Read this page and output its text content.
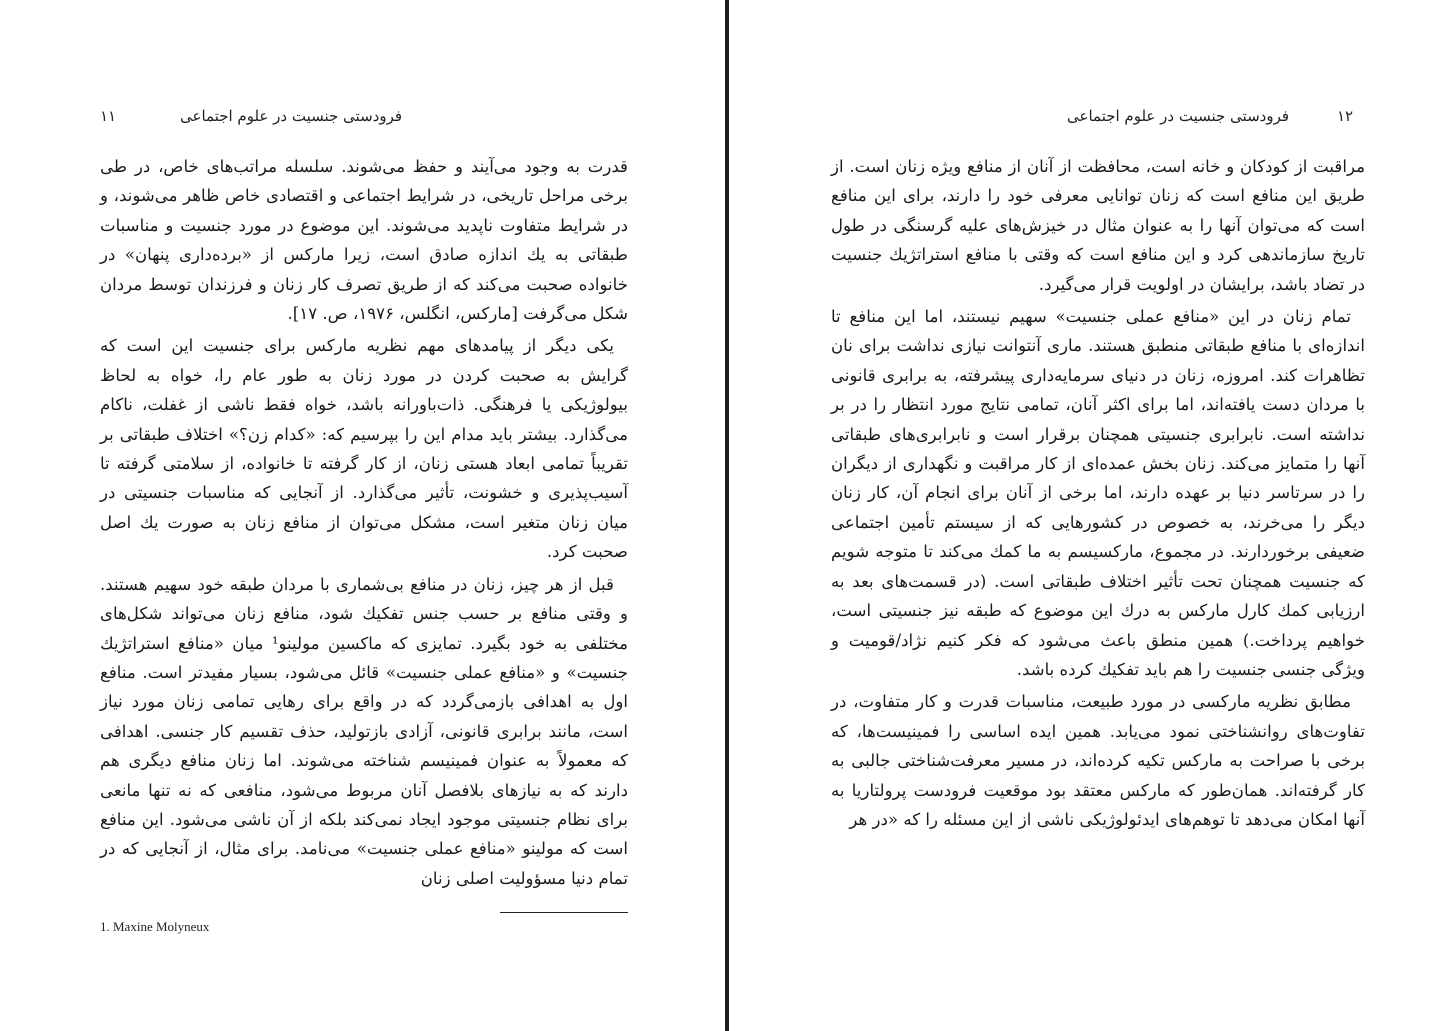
۱۱	فرودستی جنسیت در علوم اجتماعی

قدرت به وجود می‌آیند و حفظ می‌شوند. سلسله مراتب‌های خاص، در طی برخی مراحل تاریخی، در شرایط اجتماعی و اقتصادی خاص ظاهر می‌شوند، و در شرایط متفاوت ناپدید می‌شوند. این موضوع در مورد جنسیت و مناسبات طبقاتی به یك اندازه صادق است، زیرا مارکس از «برده‌داری پنهان» در خانواده صحبت می‌کند که از طریق تصرف کار زنان و فرزندان توسط مردان شکل می‌گرفت [مارکس، انگلس، ۱۹۷۶، ص. ۱۷].

یکی دیگر از پیامدهای مهم نظریه مارکس برای جنسیت این است که گرایش به صحبت کردن در مورد زنان به طور عام را، خواه به لحاظ بیولوژیکی یا فرهنگی. ذات‌باورانه باشد، خواه فقط ناشی از غفلت، ناکام می‌گذارد. بیشتر باید مدام این را بپرسیم که: «کدام زن؟» اختلاف طبقاتی بر تقریباً تمامی ابعاد هستی زنان، از کار گرفته تا خانواده، از سلامتی گرفته تا آسیب‌پذیری و خشونت، تأثیر می‌گذارد. از آنجایی که مناسبات جنسیتی در میان زنان متغیر است، مشکل می‌توان از منافع زنان به صورت یك اصل صحبت کرد.

قبل از هر چیز، زنان در منافع بی‌شماری با مردان طبقه خود سهیم هستند. و وقتی منافع بر حسب جنس تفکیك شود، منافع زنان می‌تواند شکل‌های مختلفی به خود بگیرد. تمایزی که ماکسین مولینو¹ میان «منافع استراتژیك جنسیت» و «منافع عملی جنسیت» قائل می‌شود، بسیار مفیدتر است. منافع اول به اهدافی بازمی‌گردد که در واقع برای رهایی تمامی زنان مورد نیاز است، مانند برابری قانونی، آزادی بازتولید، حذف تقسیم کار جنسی. اهدافی که معمولاً به عنوان فمینیسم شناخته می‌شوند. اما زنان منافع دیگری هم دارند که به نیازهای بلافصل آنان مربوط می‌شود، منافعی که نه تنها مانعی برای نظام جنسیتی موجود ایجاد نمی‌کند بلکه از آن ناشی می‌شود. این منافع است که مولینو «منافع عملی جنسیت» می‌نامد. برای مثال، از آنجایی که در تمام دنیا مسؤولیت اصلی زنان

1. Maxine Molyneux
فرودستی جنسیت در علوم اجتماعی	۱۲

مراقبت از کودکان و خانه است، محافظت از آنان از منافع ویژه زنان است. از طریق این منافع است که زنان توانایی معرفی خود را دارند، برای این منافع است که می‌توان آنها را به عنوان مثال در خیزش‌های علیه گرسنگی در طول تاریخ سازماندهی کرد و این منافع است که وقتی با منافع استراتژیك جنسیت در تضاد باشد، برایشان در اولویت قرار می‌گیرد.

تمام زنان در این «منافع عملی جنسیت» سهیم نیستند، اما این منافع تا اندازه‌ای با منافع طبقاتی منطبق هستند. ماری آنتوانت نیازی نداشت برای نان تظاهرات کند. امروزه، زنان در دنیای سرمایه‌داری پیشرفته، به برابری قانونی با مردان دست یافته‌اند، اما برای اکثر آنان، تمامی نتایج مورد انتظار را در بر نداشته است. نابرابری جنسیتی همچنان برقرار است و نابرابری‌های طبقاتی آنها را متمایز می‌کند. زنان بخش عمده‌ای از کار مراقبت و نگهداری از دیگران را در سرتاسر دنیا بر عهده دارند، اما برخی از آنان برای انجام آن، کار زنان دیگر را می‌خرند، به خصوص در کشورهایی که از سیستم تأمین اجتماعی ضعیفی برخوردارند. در مجموع، مارکسیسم به ما کمك می‌کند تا متوجه شویم که جنسیت همچنان تحت تأثیر اختلاف طبقاتی است. (در قسمت‌های بعد به ارزیابی کمك کارل مارکس به درك این موضوع که طبقه نیز جنسیتی است، خواهیم پرداخت.) همین منطق باعث می‌شود که فکر کنیم نژاد/قومیت و ویژگی جنسی جنسیت را هم باید تفکیك کرده باشد.

مطابق نظریه مارکسی در مورد طبیعت، مناسبات قدرت و کار متفاوت، در تفاوت‌های روانشناختی نمود می‌یابد. همین ایده اساسی را فمینیست‌ها، که برخی با صراحت به مارکس تکیه کرده‌اند، در مسیر معرفت‌شناختی جالبی به کار گرفته‌اند. همان‌طور که مارکس معتقد بود موقعیت فرودست پرولتاریا به آنها امکان می‌دهد تا توهم‌های ایدئولوژیکی ناشی از این مسئله را که «در هر
